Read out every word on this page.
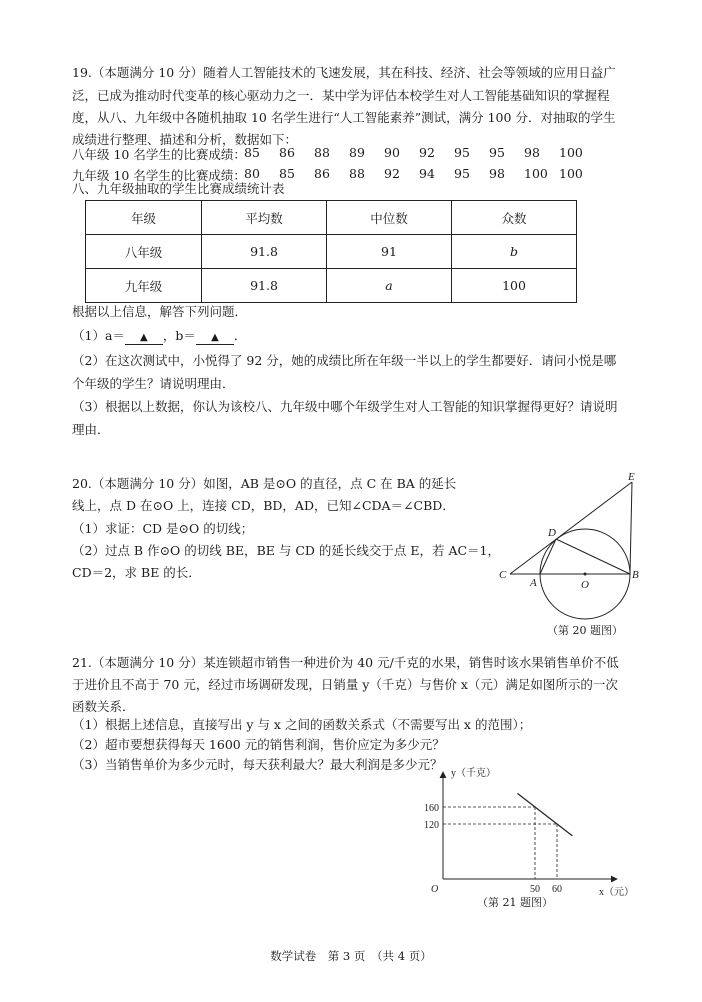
19.（本题满分 10 分）随着人工智能技术的飞速发展，其在科技、经济、社会等领域的应用日益广
泛，已成为推动时代变革的核心驱动力之一．某中学为评估本校学生对人工智能基础知识的掌握程
度，从八、九年级中各随机抽取 10 名学生进行“人工智能素养”测试，满分 100 分．对抽取的学生
成绩进行整理、描述和分析，数据如下：
八年级 10 名学生的比赛成绩：
85	86	88	89	90	92	95	95	98	100
九年级 10 名学生的比赛成绩：
80	85	86	88	92	94	95	98	100 100
八、九年级抽取的学生比赛成绩统计表
年级	平均数	中位数	众数
八年级	91.8	91	b
九年级	91.8	a	100
根据以上信息，解答下列问题．
（1）a＝ ▲ ，b＝ ▲ ．
（2）在这次测试中，小悦得了 92 分，她的成绩比所在年级一半以上的学生都要好．请问小悦是哪
个年级的学生？请说明理由．
（3）根据以上数据，你认为该校八、九年级中哪个年级学生对人工智能的知识掌握得更好？请说明
理由．
20.（本题满分 10 分）如图，AB 是⊙O 的直径，点 C 在 BA 的延长
线上，点 D 在⊙O 上，连接 CD，BD，AD，已知∠CDA＝∠CBD．
（1）求证：CD 是⊙O 的切线；
（2）过点 B 作⊙O 的切线 BE，BE 与 CD 的延长线交于点 E，若 AC＝1，
CD＝2，求 BE 的长．
E
D
C
A	O
B
（第 20 题图）
21.（本题满分 10 分）某连锁超市销售一种进价为 40 元/千克的水果，销售时该水果销售单价不低
于进价且不高于 70 元，经过市场调研发现，日销量 y（千克）与售价 x（元）满足如图所示的一次
函数关系．
（1）根据上述信息，直接写出 y 与 x 之间的函数关系式（不需要写出 x 的范围）；
（2）超市要想获得每天 1600 元的销售利润，售价应定为多少元？
（3）当销售单价为多少元时，每天获利最大？最大利润是多少元？
160
120
50 60
y（千克）
x（元）
O
（第 21 题图）
数学试卷　第 3 页　（共 4 页）
